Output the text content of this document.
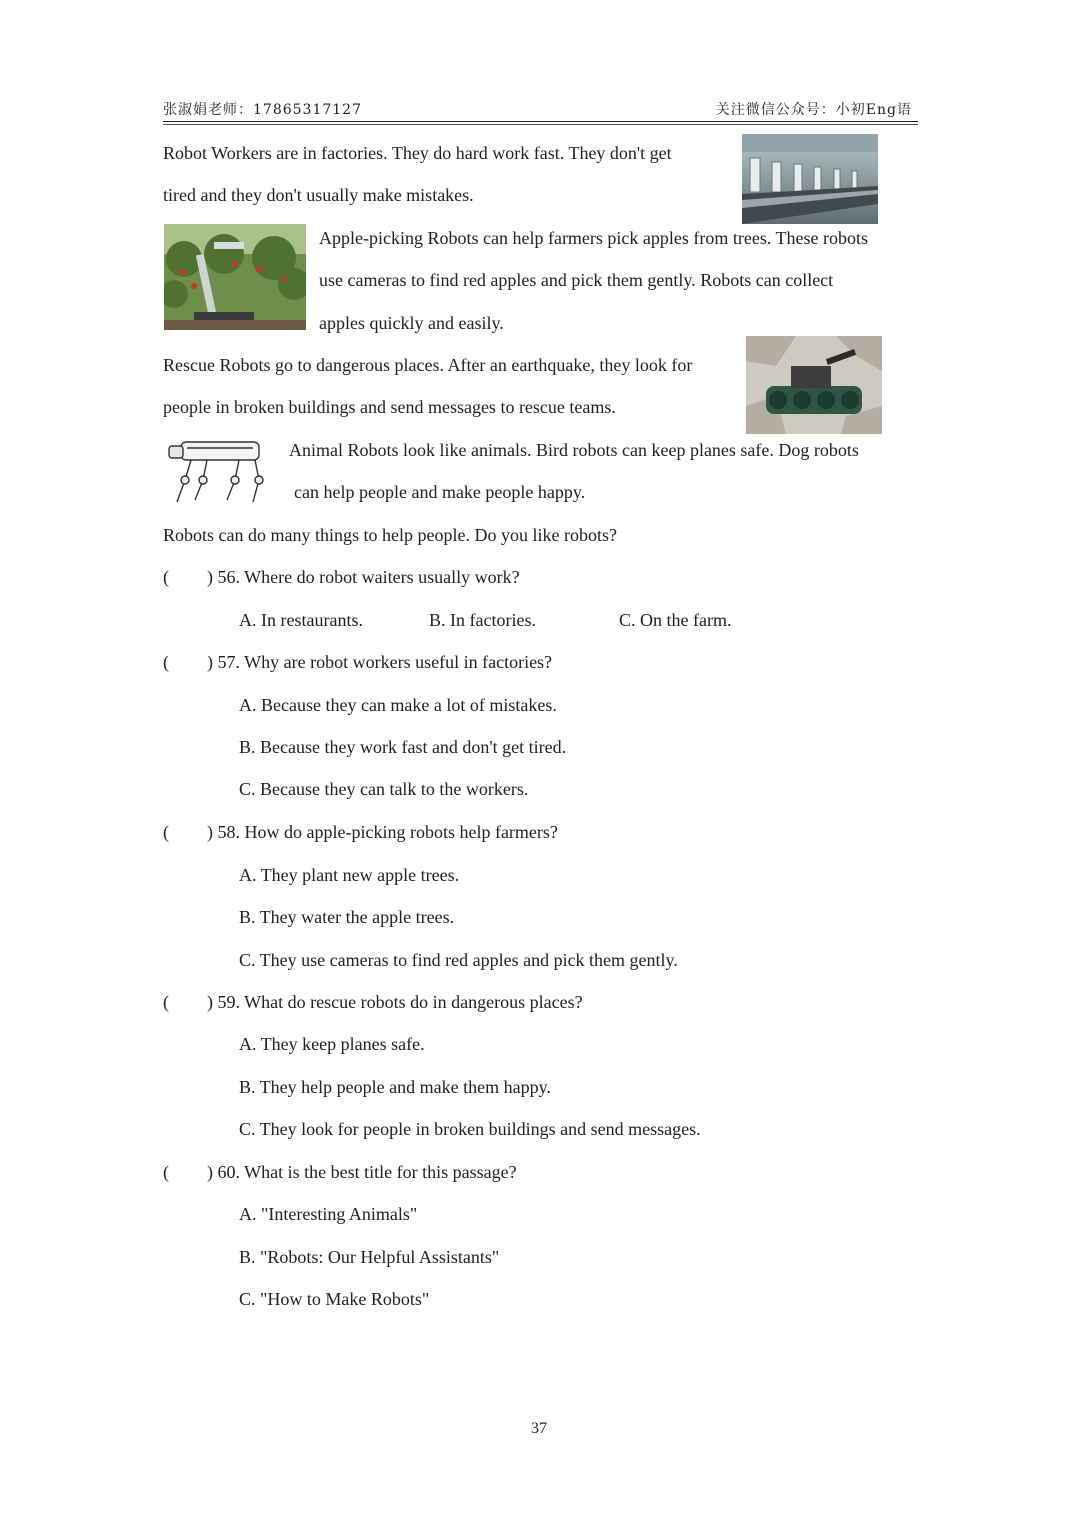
张淑娟老师：17865317127	关注微信公众号：小初Eng语
Robot Workers are in factories. They do hard work fast. They don't get
tired and they don't usually make mistakes.
Apple-picking Robots can help farmers pick apples from trees. These robots
use cameras to find red apples and pick them gently. Robots can collect
apples quickly and easily.
Rescue Robots go to dangerous places. After an earthquake, they look for
people in broken buildings and send messages to rescue teams.
Animal Robots look like animals. Bird robots can keep planes safe. Dog robots
can help people and make people happy.
Robots can do many things to help people. Do you like robots?
( ) 56. Where do robot waiters usually work?
A. In restaurants.	B. In factories.	C. On the farm.
( ) 57. Why are robot workers useful in factories?
A. Because they can make a lot of mistakes.
B. Because they work fast and don't get tired.
C. Because they can talk to the workers.
( ) 58. How do apple-picking robots help farmers?
A. They plant new apple trees.
B. They water the apple trees.
C. They use cameras to find red apples and pick them gently.
( ) 59. What do rescue robots do in dangerous places?
A. They keep planes safe.
B. They help people and make them happy.
C. They look for people in broken buildings and send messages.
( ) 60. What is the best title for this passage?
A. "Interesting Animals"
B. "Robots: Our Helpful Assistants"
C. "How to Make Robots"
37
